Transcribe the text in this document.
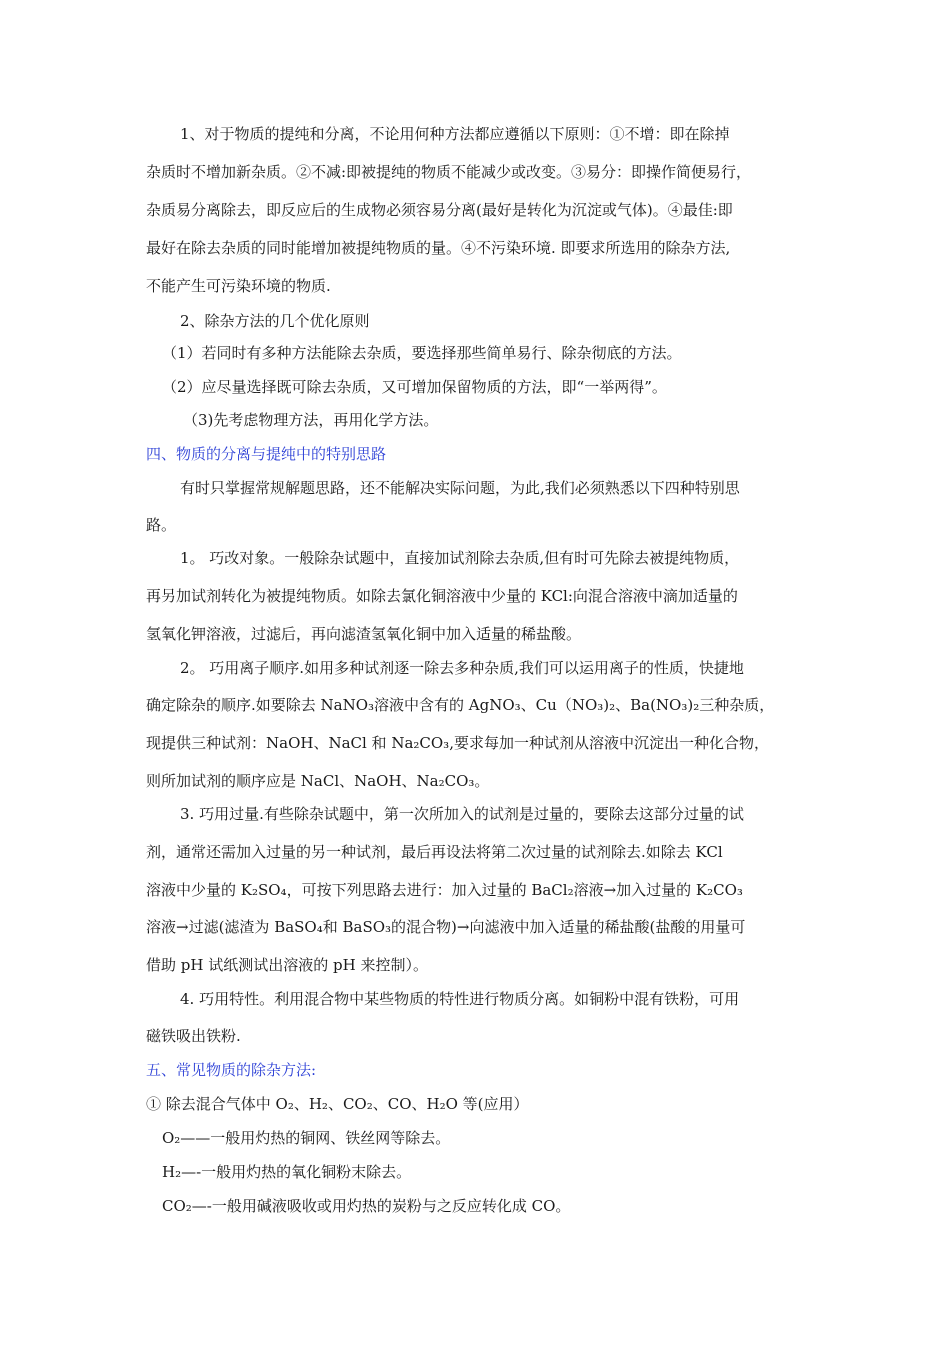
1、对于物质的提纯和分离，不论用何种方法都应遵循以下原则：①不增：即在除掉
杂质时不增加新杂质。②不减:即被提纯的物质不能减少或改变。③易分：即操作简便易行，
杂质易分离除去，即反应后的生成物必须容易分离(最好是转化为沉淀或气体)。④最佳:即
最好在除去杂质的同时能增加被提纯物质的量。④不污染环境. 即要求所选用的除杂方法,
不能产生可污染环境的物质.
2、除杂方法的几个优化原则
（1）若同时有多种方法能除去杂质，要选择那些简单易行、除杂彻底的方法。
（2）应尽量选择既可除去杂质，又可增加保留物质的方法，即“一举两得”。
（3)先考虑物理方法，再用化学方法。
四、物质的分离与提纯中的特别思路
有时只掌握常规解题思路，还不能解决实际问题，为此,我们必须熟悉以下四种特别思
路。
1。 巧改对象。一般除杂试题中，直接加试剂除去杂质,但有时可先除去被提纯物质，
再另加试剂转化为被提纯物质。如除去氯化铜溶液中少量的 KCl:向混合溶液中滴加适量的
氢氧化钾溶液，过滤后，再向滤渣氢氧化铜中加入适量的稀盐酸。
2。 巧用离子顺序.如用多种试剂逐一除去多种杂质,我们可以运用离子的性质，快捷地
确定除杂的顺序.如要除去 NaNO₃溶液中含有的 AgNO₃、Cu（NO₃)₂、Ba(NO₃)₂三种杂质，
现提供三种试剂：NaOH、NaCl 和 Na₂CO₃,要求每加一种试剂从溶液中沉淀出一种化合物，
则所加试剂的顺序应是 NaCl、NaOH、Na₂CO₃。
3. 巧用过量.有些除杂试题中，第一次所加入的试剂是过量的，要除去这部分过量的试
剂，通常还需加入过量的另一种试剂，最后再设法将第二次过量的试剂除去.如除去 KCl
溶液中少量的 K₂SO₄，可按下列思路去进行：加入过量的 BaCl₂溶液→加入过量的 K₂CO₃
溶液→过滤(滤渣为 BaSO₄和 BaSO₃的混合物)→向滤液中加入适量的稀盐酸(盐酸的用量可
借助 pH 试纸测试出溶液的 pH 来控制）。
4. 巧用特性。利用混合物中某些物质的特性进行物质分离。如铜粉中混有铁粉，可用
磁铁吸出铁粉.
五、常见物质的除杂方法:
① 除去混合气体中 O₂、H₂、CO₂、CO、H₂O 等(应用）
O₂——一般用灼热的铜网、铁丝网等除去。
H₂—-一般用灼热的氧化铜粉末除去。
CO₂—-一般用碱液吸收或用灼热的炭粉与之反应转化成 CO。
